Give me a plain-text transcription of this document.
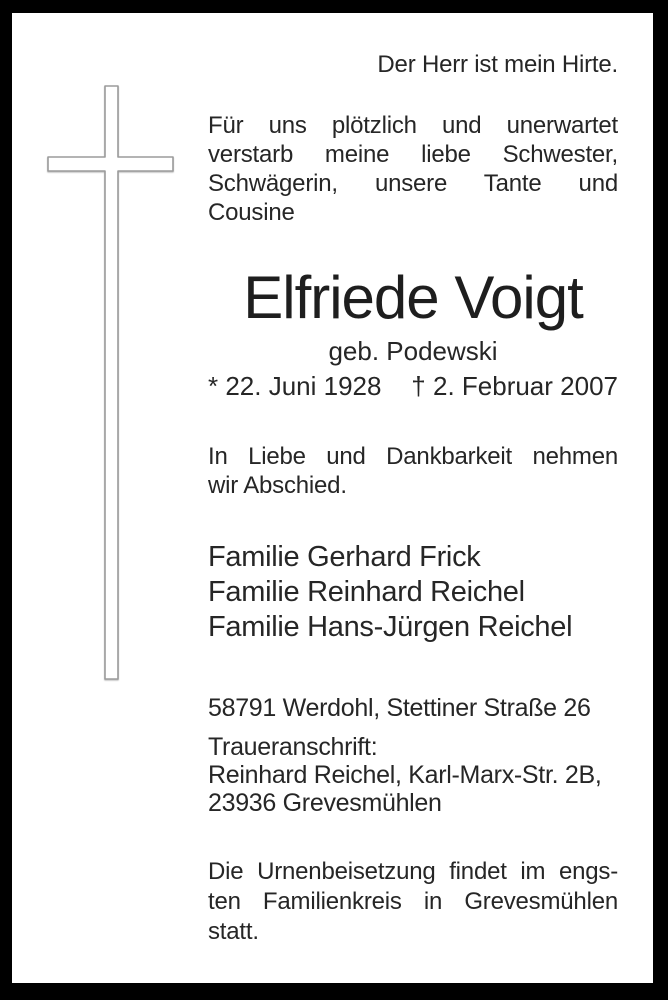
Der Herr ist mein Hirte.
Für uns plötzlich und unerwartet
verstarb meine liebe Schwester,
Schwägerin, unsere Tante und
Cousine
Elfriede Voigt
geb. Podewski
* 22. Juni 1928 † 2. Februar 2007
In Liebe und Dankbarkeit nehmen
wir Abschied.
Familie Gerhard Frick
Familie Reinhard Reichel
Familie Hans-Jürgen Reichel
58791 Werdohl, Stettiner Straße 26
Traueranschrift:
Reinhard Reichel, Karl-Marx-Str. 2B,
23936 Grevesmühlen
Die Urnenbeisetzung findet im engs-
ten Familienkreis in Grevesmühlen
statt.
